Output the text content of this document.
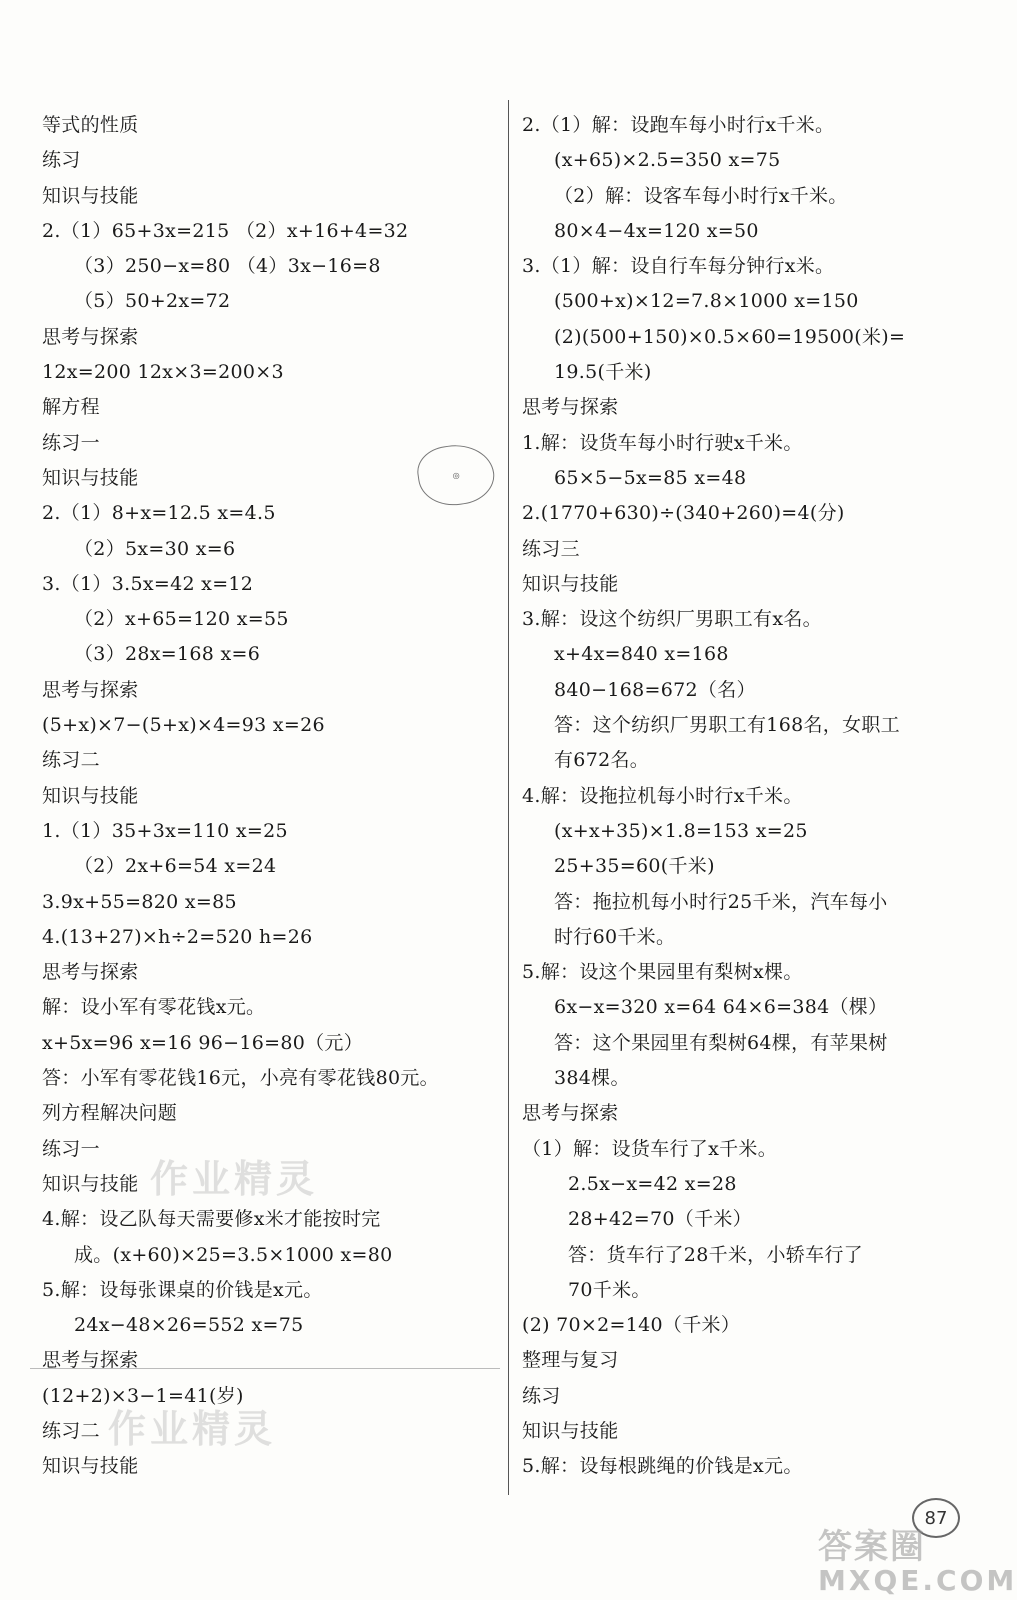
等式的性质
练习
知识与技能
2.（1）65+3x=215 （2）x+16+4=32
（3）250−x=80 （4）3x−16=8
（5）50+2x=72
思考与探索
12x=200 12x×3=200×3
解方程
练习一
知识与技能
2.（1）8+x=12.5 x=4.5
（2）5x=30 x=6
3.（1）3.5x=42 x=12
（2）x+65=120 x=55
（3）28x=168 x=6
思考与探索
(5+x)×7−(5+x)×4=93 x=26
练习二
知识与技能
1.（1）35+3x=110 x=25
（2）2x+6=54 x=24
3.9x+55=820 x=85
4.(13+27)×h÷2=520 h=26
思考与探索
解：设小军有零花钱x元。
x+5x=96 x=16 96−16=80（元）
答：小军有零花钱16元，小亮有零花钱80元。
列方程解决问题
练习一
知识与技能
4.解：设乙队每天需要修x米才能按时完
成。(x+60)×25=3.5×1000 x=80
5.解：设每张课桌的价钱是x元。
24x−48×26=552 x=75
思考与探索
(12+2)×3−1=41(岁)
练习二
知识与技能
2.（1）解：设跑车每小时行x千米。
(x+65)×2.5=350 x=75
（2）解：设客车每小时行x千米。
80×4−4x=120 x=50
3.（1）解：设自行车每分钟行x米。
(500+x)×12=7.8×1000 x=150
(2)(500+150)×0.5×60=19500(米)=
19.5(千米)
思考与探索
1.解：设货车每小时行驶x千米。
65×5−5x=85 x=48
2.(1770+630)÷(340+260)=4(分)
练习三
知识与技能
3.解：设这个纺织厂男职工有x名。
x+4x=840 x=168
840−168=672（名）
答：这个纺织厂男职工有168名，女职工
有672名。
4.解：设拖拉机每小时行x千米。
(x+x+35)×1.8=153 x=25
25+35=60(千米)
答：拖拉机每小时行25千米，汽车每小
时行60千米。
5.解：设这个果园里有梨树x棵。
6x−x=320 x=64 64×6=384（棵）
答：这个果园里有梨树64棵，有苹果树
384棵。
思考与探索
（1）解：设货车行了x千米。
2.5x−x=42 x=28
28+42=70（千米）
答：货车行了28千米，小轿车行了
70千米。
(2) 70×2=140（千米）
整理与复习
练习
知识与技能
5.解：设每根跳绳的价钱是x元。
◎
作业精灵
作业精灵
87
答案圈
MXQE.COM
